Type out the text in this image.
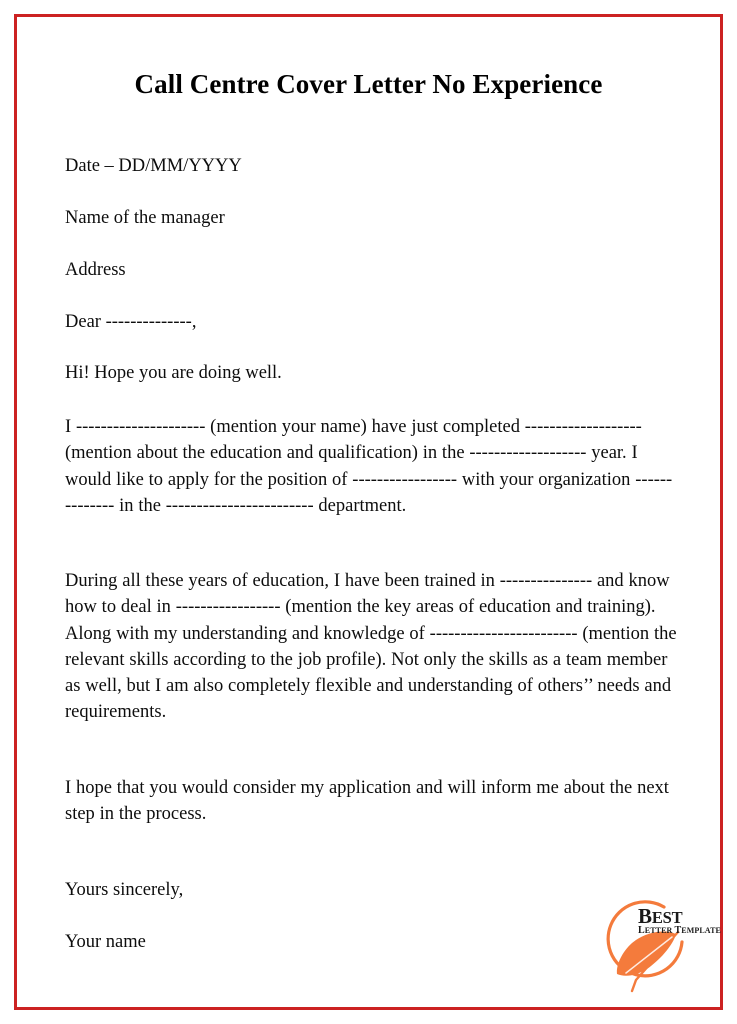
Call Centre Cover Letter No Experience
Date – DD/MM/YYYY
Name of the manager
Address
Dear --------------,
Hi! Hope you are doing well.
I --------------------- (mention your name) have just completed ------------------- (mention about the education and qualification) in the ------------------- year. I would like to apply for the position of ----------------- with your organization -------------- in the ------------------------ department.
During all these years of education, I have been trained in --------------- and know how to deal in ----------------- (mention the key areas of education and training). Along with my understanding and knowledge of ------------------------ (mention the relevant skills according to the job profile). Not only the skills as a team member as well, but I am also completely flexible and understanding of others’’ needs and requirements.
I hope that you would consider my application and will inform me about the next step in the process.
Yours sincerely,
Your name
BEST
LETTER TEMPLATE
